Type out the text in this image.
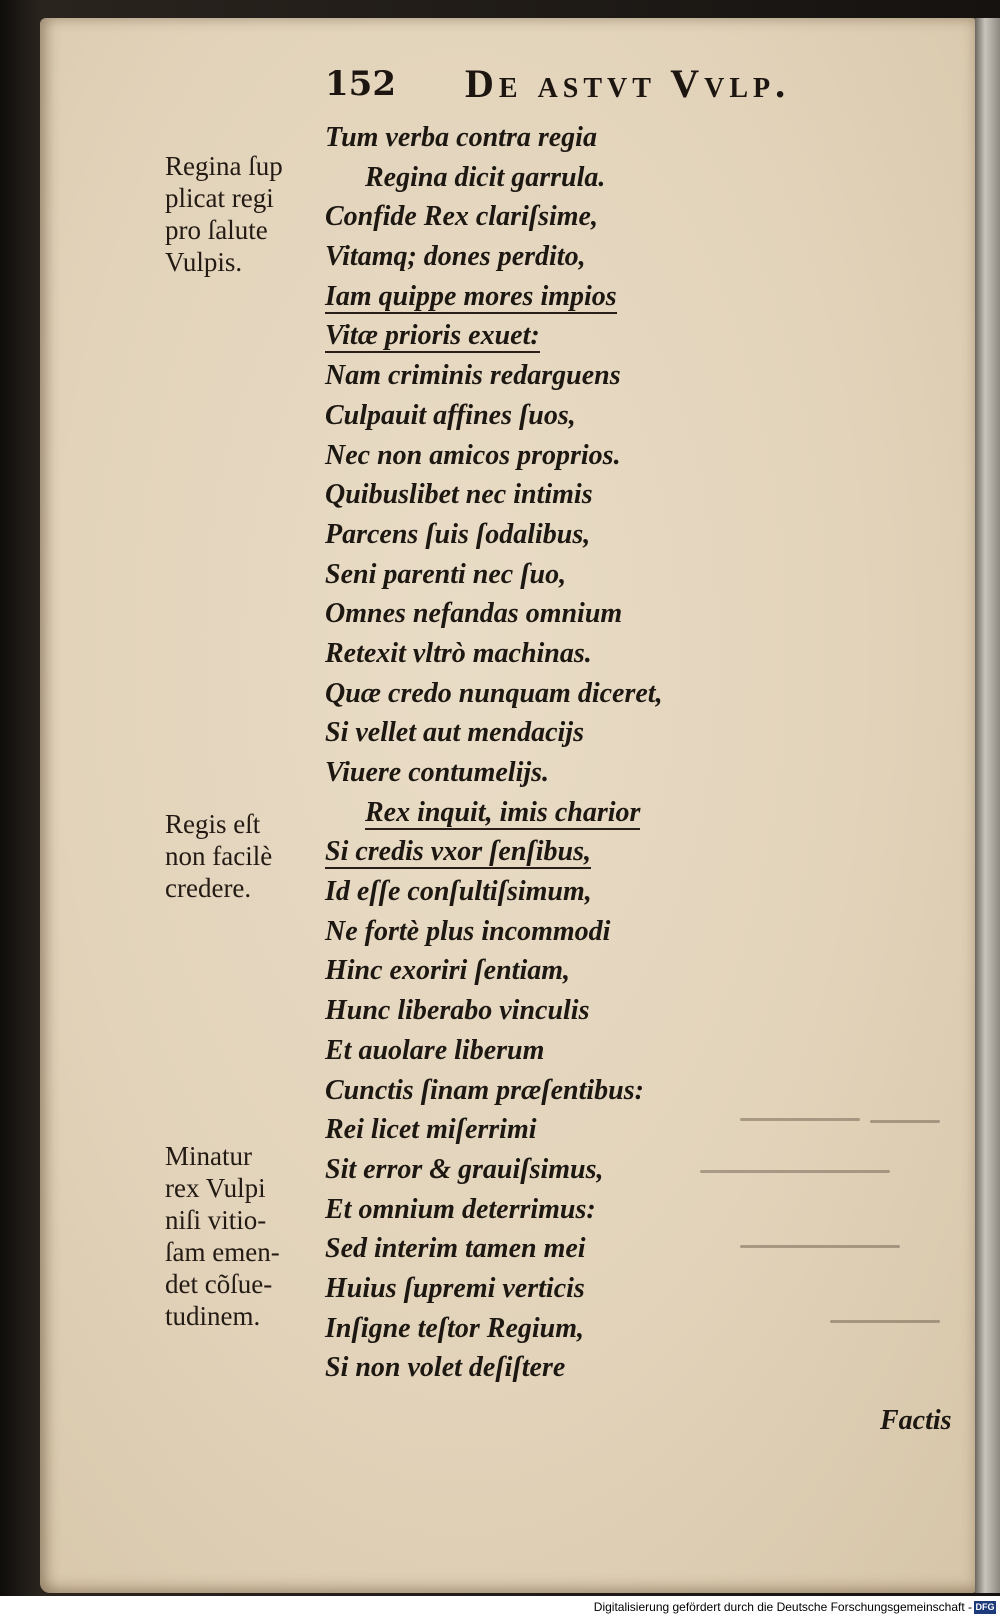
152 De astvt Vvlp.

Regina ſup

plicat regi

pro ſalute

Vulpis.

Regis eſt

non facilè

credere.

Minatur

rex Vulpi

niſi vitio-

ſam emen-

det cõſue-

tudinem.

Tum verba contra regia
Regina dicit garrula.
Confide Rex clariſsime,
Vitamq; dones perdito,
Iam quippe mores impios
Vitæ prioris exuet:
Nam criminis redarguens
Culpauit affines ſuos,
Nec non amicos proprios.
Quibuslibet nec intimis
Parcens ſuis ſodalibus,
Seni parenti nec ſuo,
Omnes nefandas omnium
Retexit vltrò machinas.
Quæ credo nunquam diceret,
Si vellet aut mendacijs
Viuere contumelijs.
Rex inquit, imis charior
Si credis vxor ſenſibus,
Id eſſe conſultiſsimum,
Ne fortè plus incommodi
Hinc exoriri ſentiam,
Hunc liberabo vinculis
Et auolare liberum
Cunctis ſinam præſentibus:
Rei licet miſerrimi
Sit error & grauiſsimus,
Et omnium deterrimus:
Sed interim tamen mei
Huius ſupremi verticis
Inſigne teſtor Regium,
Si non volet deſiſtere
Factis
Digitalisierung gefördert durch die Deutsche Forschungsgemeinschaft - DFG
